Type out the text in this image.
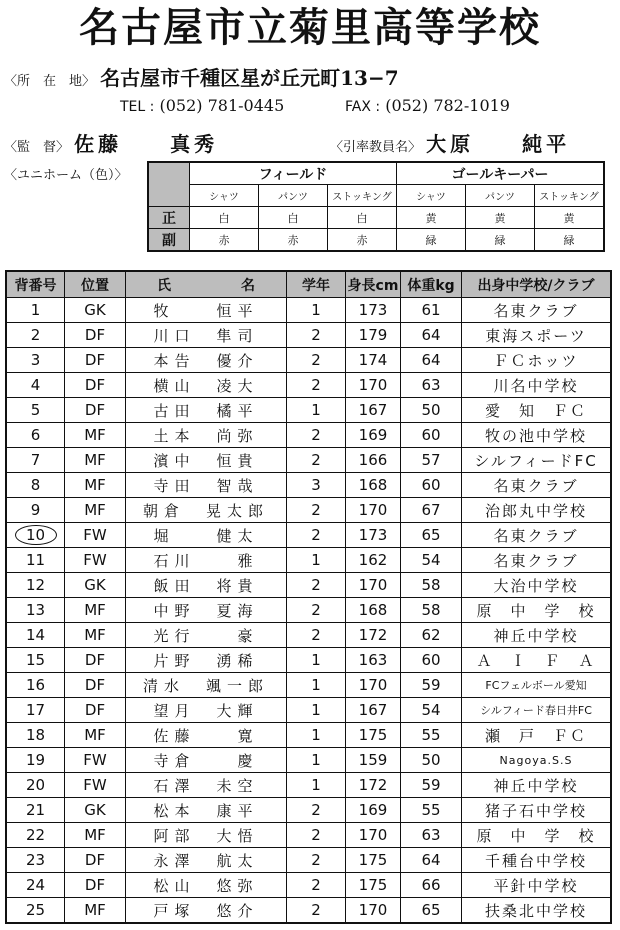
名古屋市立菊里高等学校
〈所　在　地〉 名古屋市千種区星が丘元町13−7
TEL : (052) 781-0445	FAX : (052) 782-1019
〈監　督〉 佐藤　　真秀	〈引率教員名〉 大原　　純平
〈ユニホーム（色）〉
		フィールド			ゴールキーパー		
	シャツ	パンツ	ストッキング	シャツ	パンツ	ストッキング
正	白	白	白	黄	黄	黄
副	赤	赤	赤	緑	緑	緑
背番号	位置	氏　　　　　名	学年	身長cm	体重kg	出身中学校/クラブ
1	GK	牧　　恒平	1	173	61	名東クラブ
2	DF	川口　隼司	2	179	64	東海スポーツ
3	DF	本告　優介	2	174	64	ＦＣホッツ
4	DF	横山　凌大	2	170	63	川名中学校
5	DF	古田　橘平	1	167	50	愛　知　ＦＣ
6	MF	土本　尚弥	2	169	60	牧の池中学校
7	MF	濱中　恒貴	2	166	57	シルフィードFC
8	MF	寺田　智哉	3	168	60	名東クラブ
9	MF	朝倉　晃太郎	2	170	67	治郎丸中学校
10	FW	堀　　健太	2	173	65	名東クラブ
11	FW	石川　　雅	1	162	54	名東クラブ
12	GK	飯田　将貴	2	170	58	大治中学校
13	MF	中野　夏海	2	168	58	原　中　学　校
14	MF	光行　　豪	2	172	62	神丘中学校
15	DF	片野　湧稀	1	163	60	Ａ　Ｉ　Ｆ　Ａ
16	DF	清水　颯一郎	1	170	59	FCフェルボール愛知
17	DF	望月　大輝	1	167	54	シルフィード春日井FC
18	MF	佐藤　　寛	1	175	55	瀬　戸　ＦＣ
19	FW	寺倉　　慶	1	159	50	Nagoya.S.S
20	FW	石澤　未空	1	172	59	神丘中学校
21	GK	松本　康平	2	169	55	猪子石中学校
22	MF	阿部　大悟	2	170	63	原　中　学　校
23	DF	永澤　航太	2	175	64	千種台中学校
24	DF	松山　悠弥	2	175	66	平針中学校
25	MF	戸塚　悠介	2	170	65	扶桑北中学校
